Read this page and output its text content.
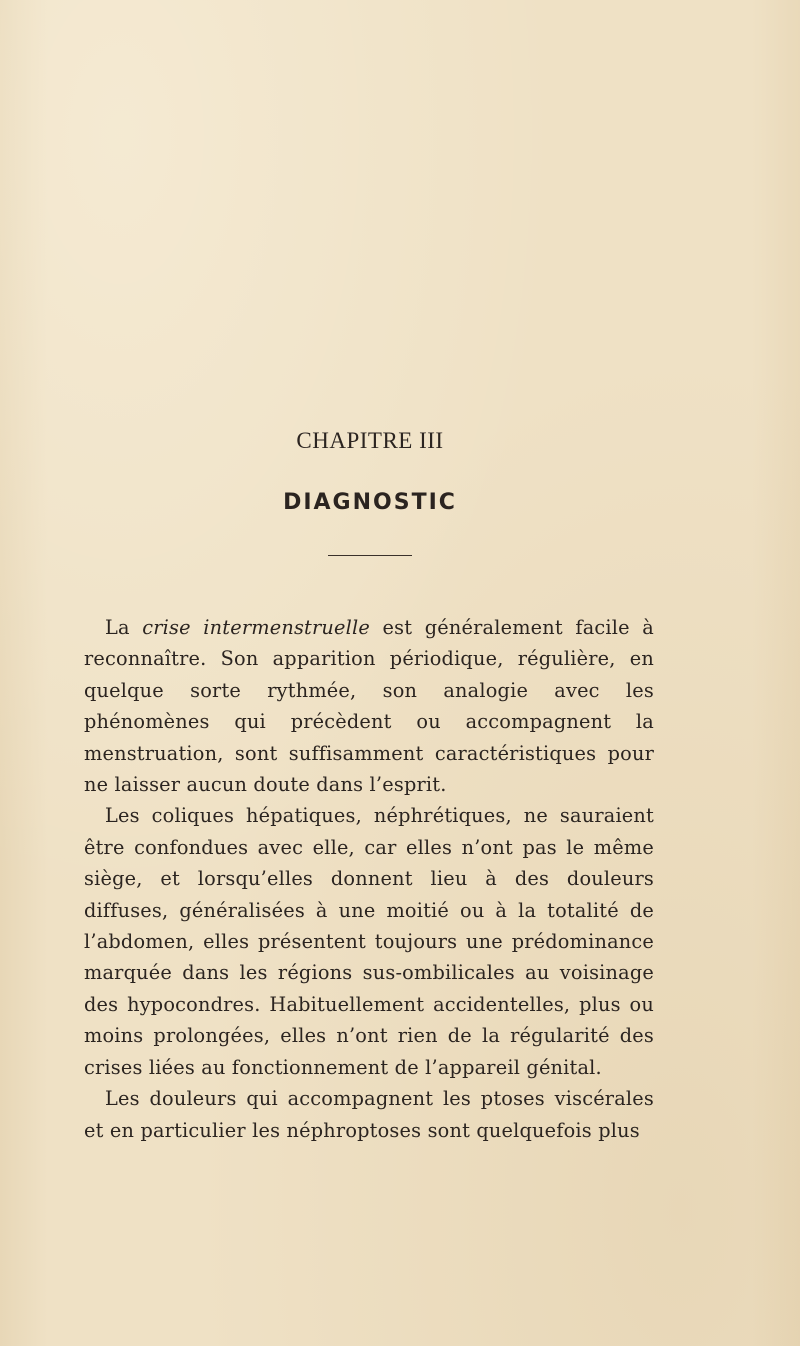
CHAPITRE III
DIAGNOSTIC

La crise intermenstruelle est généralement facile à reconnaître. Son apparition périodique, régulière, en quelque sorte rythmée, son analogie avec les phénomènes qui précèdent ou accompagnent la menstruation, sont suffisamment caractéristiques pour ne laisser aucun doute dans l’esprit.

Les coliques hépatiques, néphrétiques, ne sauraient être confondues avec elle, car elles n’ont pas le même siège, et lorsqu’elles donnent lieu à des douleurs diffuses, généralisées à une moitié ou à la totalité de l’abdomen, elles présentent toujours une prédominance marquée dans les régions sus-ombilicales au voisinage des hypocondres. Habituellement accidentelles, plus ou moins prolongées, elles n’ont rien de la régularité des crises liées au fonctionnement de l’appareil génital.

Les douleurs qui accompagnent les ptoses viscérales et en particulier les néphroptoses sont quelquefois plus
